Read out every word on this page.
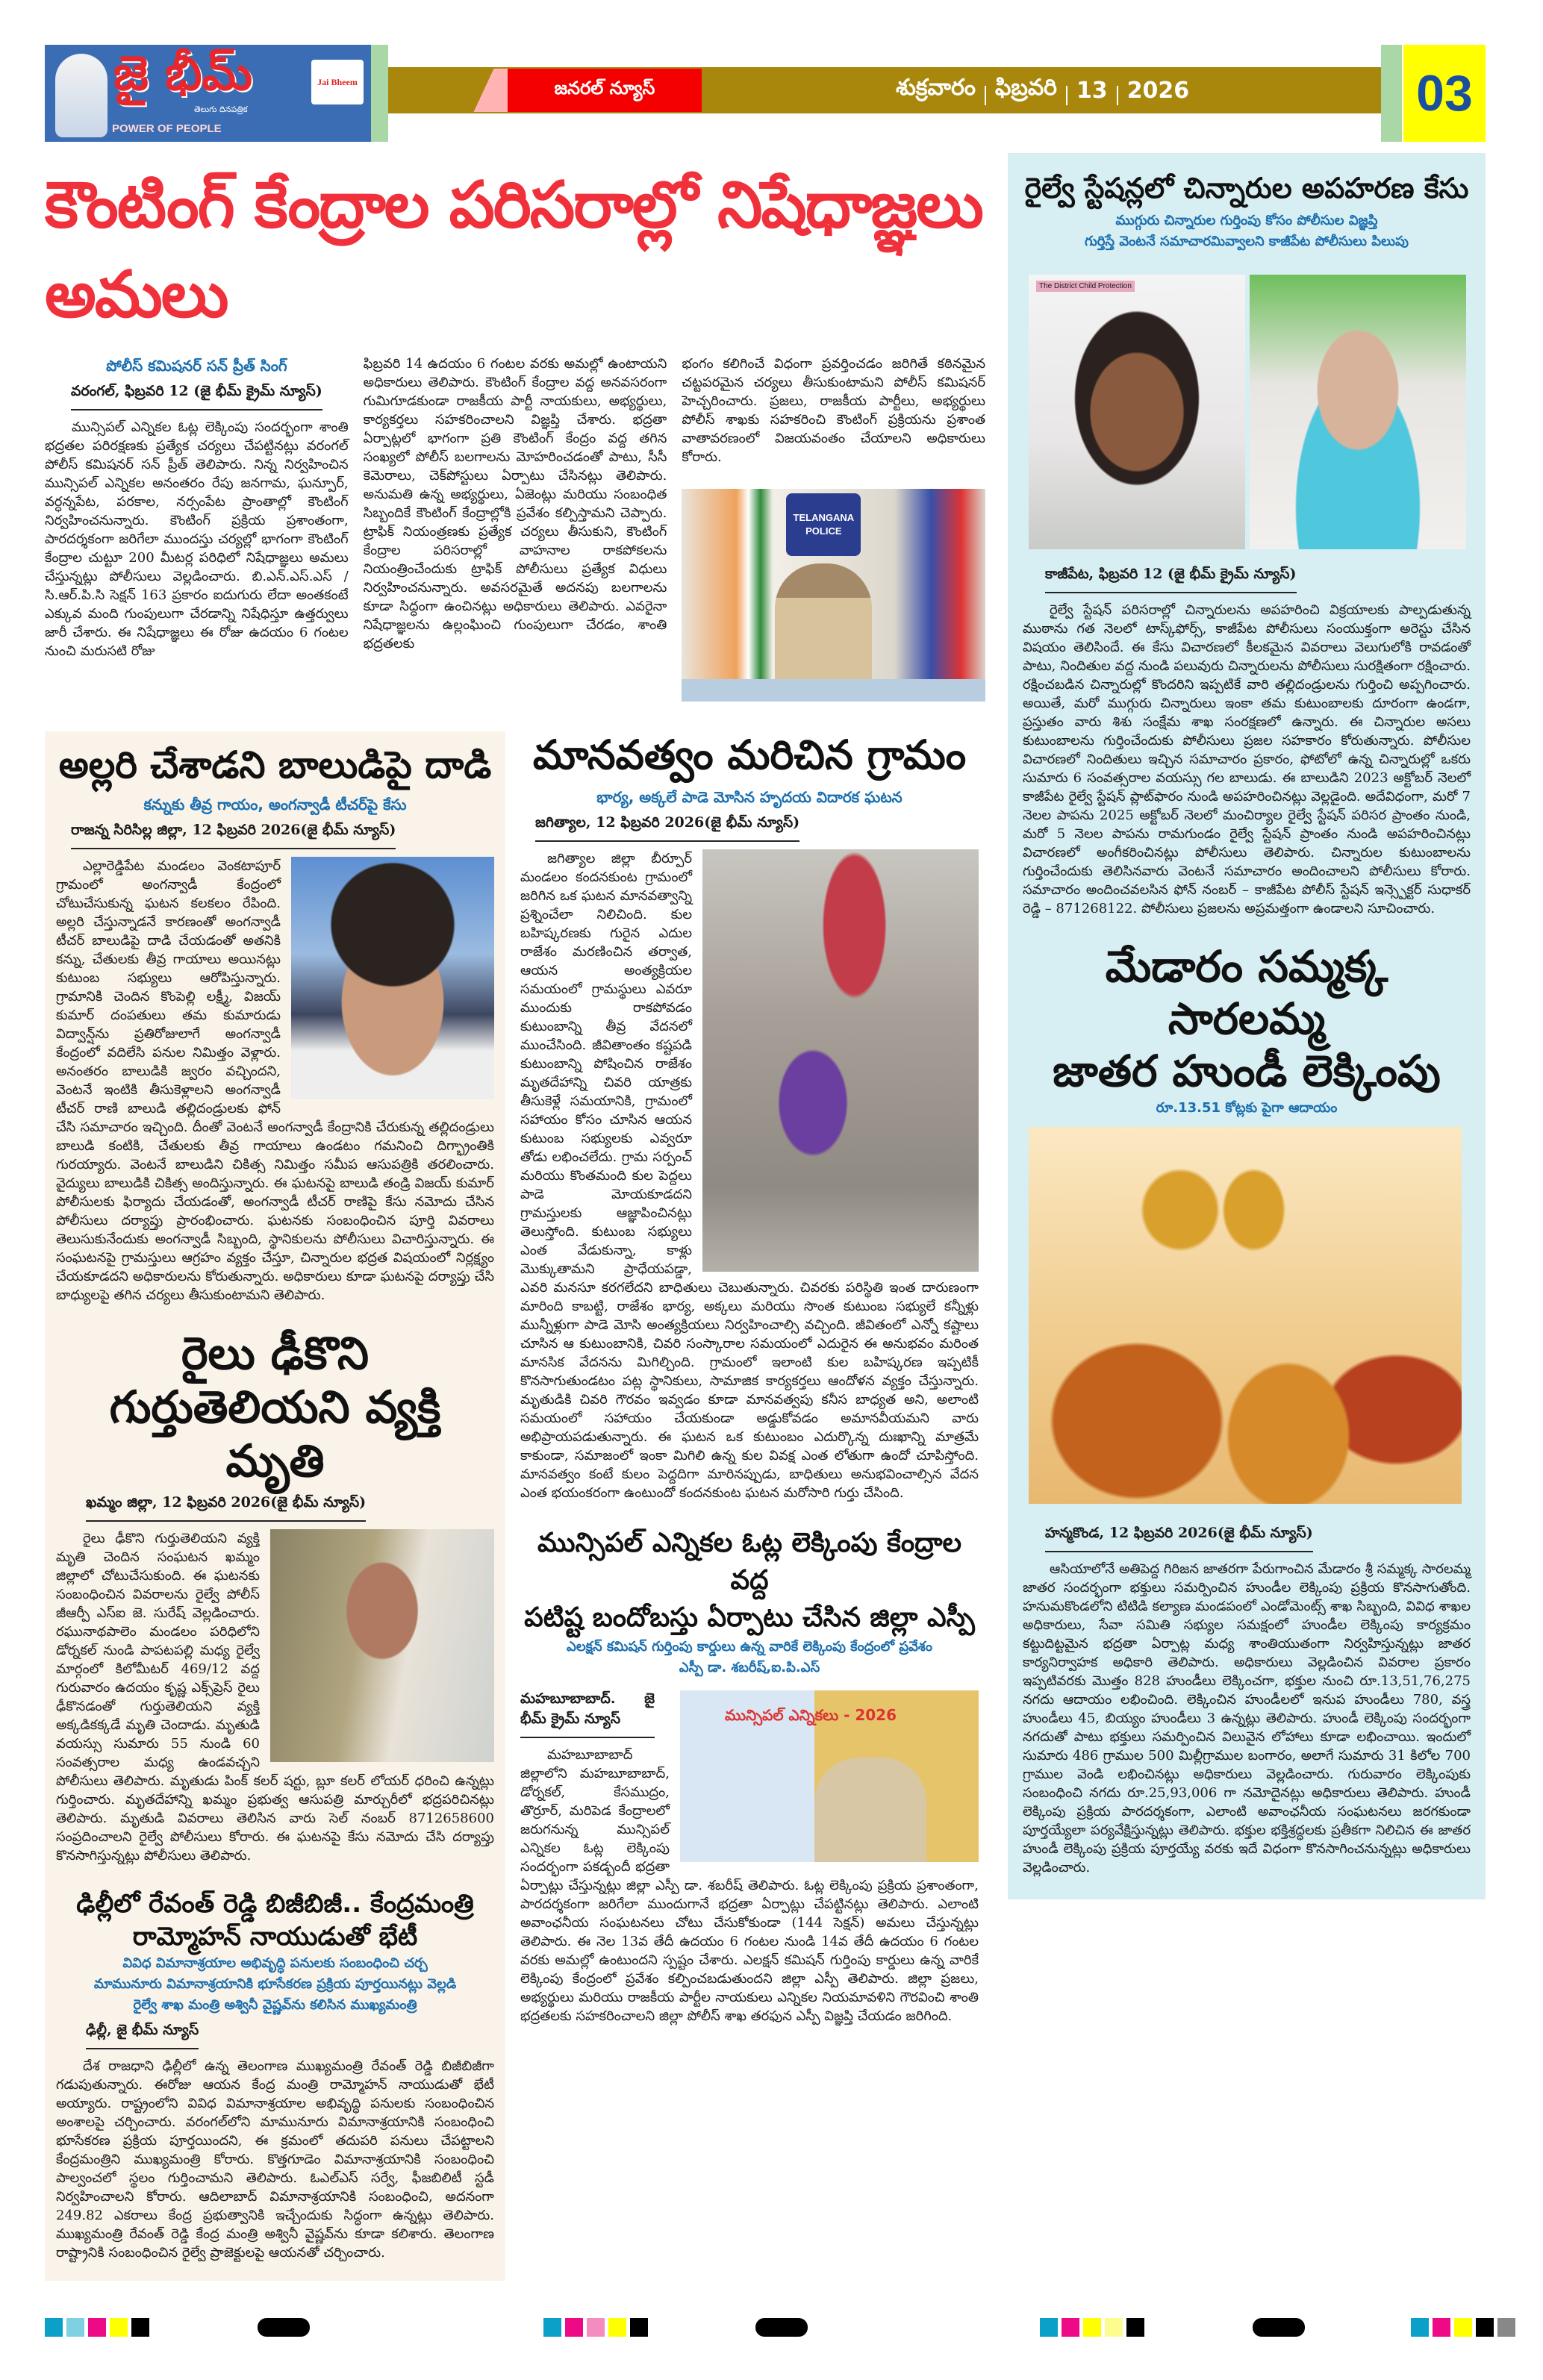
జై భీమ్
తెలుగు దినపత్రిక
POWER OF PEOPLE
Jai Bheem	జనరల్ న్యూస్	శుక్రవారం ఫిబ్రవరి 13 2026	03
కౌంటింగ్ కేంద్రాల పరిసరాల్లో నిషేధాజ్ఞలు అమలు
పోలీస్ కమిషనర్ సన్ ప్రీత్ సింగ్
వరంగల్, ఫిబ్రవరి 12 (జై భీమ్ క్రైమ్ న్యూస్)

మున్సిపల్ ఎన్నికల ఓట్ల లెక్కింపు సందర్భంగా శాంతి భద్రతల పరిరక్షణకు ప్రత్యేక చర్యలు చేపట్టినట్లు వరంగల్ పోలీస్ కమిషనర్ సన్ ప్రీత్ తెలిపారు. నిన్న నిర్వహించిన మున్సిపల్ ఎన్నికల అనంతరం రేపు జనగామ, ఘన్పూర్, వర్ధన్నపేట, పరకాల, నర్సంపేట ప్రాంతాల్లో కౌంటింగ్ నిర్వహించనున్నారు. కౌంటింగ్ ప్రక్రియ ప్రశాంతంగా, పారదర్శకంగా జరిగేలా ముందస్తు చర్యల్లో భాగంగా కౌంటింగ్ కేంద్రాల చుట్టూ 200 మీటర్ల పరిధిలో నిషేధాజ్ఞలు అమలు చేస్తున్నట్లు పోలీసులు వెల్లడించారు. బి.ఎన్.ఎస్.ఎస్ / సి.ఆర్.పి.సి సెక్షన్ 163 ప్రకారం ఐదుగురు లేదా అంతకంటే ఎక్కువ మంది గుంపులుగా చేరడాన్ని నిషేధిస్తూ ఉత్తర్వులు జారీ చేశారు. ఈ నిషేధాజ్ఞలు ఈ రోజు ఉదయం 6 గంటల నుంచి మరుసటి రోజు

ఫిబ్రవరి 14 ఉదయం 6 గంటల వరకు అమల్లో ఉంటాయని అధికారులు తెలిపారు. కౌంటింగ్ కేంద్రాల వద్ద అనవసరంగా గుమిగూడకుండా రాజకీయ పార్టీ నాయకులు, అభ్యర్థులు, కార్యకర్తలు సహకరించాలని విజ్ఞప్తి చేశారు. భద్రతా ఏర్పాట్లలో భాగంగా ప్రతి కౌంటింగ్ కేంద్రం వద్ద తగిన సంఖ్యలో పోలీస్ బలగాలను మోహరించడంతో పాటు, సీసీ కెమెరాలు, చెక్‌పోస్టులు ఏర్పాటు చేసినట్లు తెలిపారు. అనుమతి ఉన్న అభ్యర్థులు, ఏజెంట్లు మరియు సంబంధిత సిబ్బందికే కౌంటింగ్ కేంద్రాల్లోకి ప్రవేశం కల్పిస్తామని చెప్పారు. ట్రాఫిక్ నియంత్రణకు ప్రత్యేక చర్యలు తీసుకుని, కౌంటింగ్ కేంద్రాల పరిసరాల్లో వాహనాల రాకపోకలను నియంత్రించేందుకు ట్రాఫిక్ పోలీసులు ప్రత్యేక విధులు నిర్వహించనున్నారు. అవసరమైతే అదనపు బలగాలను కూడా సిద్ధంగా ఉంచినట్లు అధికారులు తెలిపారు. ఎవరైనా నిషేధాజ్ఞలను ఉల్లంఘించి గుంపులుగా చేరడం, శాంతి భద్రతలకు

భంగం కలిగించే విధంగా ప్రవర్తించడం జరిగితే కఠినమైన చట్టపరమైన చర్యలు తీసుకుంటామని పోలీస్ కమిషనర్ హెచ్చరించారు. ప్రజలు, రాజకీయ పార్టీలు, అభ్యర్థులు పోలీస్ శాఖకు సహకరించి కౌంటింగ్ ప్రక్రియను ప్రశాంత వాతావరణంలో విజయవంతం చేయాలని అధికారులు కోరారు.

TELANGANA POLICE
అల్లరి చేశాడని బాలుడిపై దాడి
కన్నుకు తీవ్ర గాయం, అంగన్వాడీ టీచర్‌పై కేసు
రాజన్న సిరిసిల్ల జిల్లా, 12 ఫిబ్రవరి 2026(జై భీమ్ న్యూస్)

ఎల్లారెడ్డిపేట మండలం వెంకటాపూర్ గ్రామంలో అంగన్వాడీ కేంద్రంలో చోటుచేసుకున్న ఘటన కలకలం రేపింది. అల్లరి చేస్తున్నాడనే కారణంతో అంగన్వాడీ టీచర్ బాలుడిపై దాడి చేయడంతో అతనికి కన్ను, చేతులకు తీవ్ర గాయాలు అయినట్లు కుటుంబ సభ్యులు ఆరోపిస్తున్నారు. గ్రామానికి చెందిన కొంపెల్లి లక్ష్మీ, విజయ్ కుమార్ దంపతులు తమ కుమారుడు విద్వాన్ష్‌ను ప్రతిరోజులాగే అంగన్వాడీ కేంద్రంలో వదిలేసి పనుల నిమిత్తం వెళ్లారు. అనంతరం బాలుడికి జ్వరం వచ్చిందని, వెంటనే ఇంటికి తీసుకెళ్లాలని అంగన్వాడీ టీచర్ రాణి బాలుడి తల్లిదండ్రులకు ఫోన్ చేసి సమాచారం ఇచ్చింది. దీంతో వెంటనే అంగన్వాడీ కేంద్రానికి చేరుకున్న తల్లిదండ్రులు బాలుడి కంటికి, చేతులకు తీవ్ర గాయాలు ఉండటం గమనించి దిగ్భ్రాంతికి గురయ్యారు. వెంటనే బాలుడిని చికిత్స నిమిత్తం సమీప ఆసుపత్రికి తరలించారు. వైద్యులు బాలుడికి చికిత్స అందిస్తున్నారు. ఈ ఘటనపై బాలుడి తండ్రి విజయ్ కుమార్ పోలీసులకు ఫిర్యాదు చేయడంతో, అంగన్వాడీ టీచర్ రాణిపై కేసు నమోదు చేసిన పోలీసులు దర్యాప్తు ప్రారంభించారు. ఘటనకు సంబంధించిన పూర్తి వివరాలు తెలుసుకునేందుకు అంగన్వాడీ సిబ్బంది, స్థానికులను పోలీసులు విచారిస్తున్నారు. ఈ సంఘటనపై గ్రామస్తులు ఆగ్రహం వ్యక్తం చేస్తూ, చిన్నారుల భద్రత విషయంలో నిర్లక్ష్యం చేయకూడదని అధికారులను కోరుతున్నారు. అధికారులు కూడా ఘటనపై దర్యాప్తు చేసి బాధ్యులపై తగిన చర్యలు తీసుకుంటామని తెలిపారు.

రైలు ఢీకొని
గుర్తుతెలియని వ్యక్తి మృతి
ఖమ్మం జిల్లా, 12 ఫిబ్రవరి 2026(జై భీమ్ న్యూస్)

రైలు ఢీకొని గుర్తుతెలియని వ్యక్తి మృతి చెందిన సంఘటన ఖమ్మం జిల్లాలో చోటుచేసుకుంది. ఈ ఘటనకు సంబంధించిన వివరాలను రైల్వే పోలీస్ జీఆర్పీ ఎస్ఐ జె. సురేష్ వెల్లడించారు. రఘునాథపాలెం మండలం పరిధిలోని డోర్నకల్ నుండి పాపటపల్లి మధ్య రైల్వే మార్గంలో కిలోమీటర్ 469/12 వద్ద గురువారం ఉదయం కృష్ణ ఎక్స్‌ప్రెస్ రైలు ఢీకొనడంతో గుర్తుతెలియని వ్యక్తి అక్కడికక్కడే మృతి చెందాడు. మృతుడి వయస్సు సుమారు 55 నుండి 60 సంవత్సరాల మధ్య ఉండవచ్చని పోలీసులు తెలిపారు. మృతుడు పింక్ కలర్ షర్టు, బ్లూ కలర్ లోయర్ ధరించి ఉన్నట్లు గుర్తించారు. మృతదేహాన్ని ఖమ్మం ప్రభుత్వ ఆసుపత్రి మార్చురీలో భద్రపరిచినట్లు తెలిపారు. మృతుడి వివరాలు తెలిసిన వారు సెల్ నంబర్ 8712658600 సంప్రదించాలని రైల్వే పోలీసులు కోరారు. ఈ ఘటనపై కేసు నమోదు చేసి దర్యాప్తు కొనసాగిస్తున్నట్లు పోలీసులు తెలిపారు.

ఢిల్లీలో రేవంత్ రెడ్డి బిజీబిజీ.. కేంద్రమంత్రి
రామ్మోహన్ నాయుడుతో భేటీ
వివిధ విమానాశ్రయాల అభివృద్ధి పనులకు సంబంధించి చర్చ
మామునూరు విమానాశ్రయానికి భూసేకరణ ప్రక్రియ పూర్తయినట్లు వెల్లడి
రైల్వే శాఖ మంత్రి అశ్వినీ వైష్ణవ్‌ను కలిసిన ముఖ్యమంత్రి
ఢిల్లీ, జై భీమ్ న్యూస్

దేశ రాజధాని ఢిల్లీలో ఉన్న తెలంగాణ ముఖ్యమంత్రి రేవంత్ రెడ్డి బిజీబిజీగా గడుపుతున్నారు. ఈరోజు ఆయన కేంద్ర మంత్రి రామ్మోహన్ నాయుడుతో భేటీ అయ్యారు. రాష్ట్రంలోని వివిధ విమానాశ్రయాల అభివృద్ధి పనులకు సంబంధించిన అంశాలపై చర్చించారు. వరంగల్‌లోని మామునూరు విమానాశ్రయానికి సంబంధించి భూసేకరణ ప్రక్రియ పూర్తయిందని, ఈ క్రమంలో తదుపరి పనులు చేపట్టాలని కేంద్రమంత్రిని ముఖ్యమంత్రి కోరారు. కొత్తగూడెం విమానాశ్రయానికి సంబంధించి పాల్వంచలో స్థలం గుర్తించామని తెలిపారు. ఓఎల్ఎస్ సర్వే, ఫీజబిలిటీ స్టడీ నిర్వహించాలని కోరారు. ఆదిలాబాద్ విమానాశ్రయానికి సంబంధించి, అదనంగా 249.82 ఎకరాలు కేంద్ర ప్రభుత్వానికి ఇచ్చేందుకు సిద్ధంగా ఉన్నట్లు తెలిపారు. ముఖ్యమంత్రి రేవంత్ రెడ్డి కేంద్ర మంత్రి అశ్వినీ వైష్ణవ్‌ను కూడా కలిశారు. తెలంగాణ రాష్ట్రానికి సంబంధించిన రైల్వే ప్రాజెక్టులపై ఆయనతో చర్చించారు.

మానవత్వం మరిచిన గ్రామం
భార్య, అక్కలే పాడె మోసిన హృదయ విదారక ఘటన
జగిత్యాల, 12 ఫిబ్రవరి 2026(జై భీమ్ న్యూస్)

జగిత్యాల జిల్లా బీర్పూర్ మండలం కందనకుంట గ్రామంలో జరిగిన ఒక ఘటన మానవత్వాన్ని ప్రశ్నించేలా నిలిచింది. కుల బహిష్కరణకు గురైన ఎదుల రాజేశం మరణించిన తర్వాత, ఆయన అంత్యక్రియల సమయంలో గ్రామస్థులు ఎవరూ ముందుకు రాకపోవడం కుటుంబాన్ని తీవ్ర వేదనలో ముంచేసింది. జీవితాంతం కష్టపడి కుటుంబాన్ని పోషించిన రాజేశం మృతదేహాన్ని చివరి యాత్రకు తీసుకెళ్లే సమయానికి, గ్రామంలో సహాయం కోసం చూసిన ఆయన కుటుంబ సభ్యులకు ఎవ్వరూ తోడు లభించలేదు. గ్రామ సర్పంచ్ మరియు కొంతమంది కుల పెద్దలు పాడె మోయకూడదని గ్రామస్తులకు ఆజ్ఞాపించినట్లు తెలుస్తోంది. కుటుంబ సభ్యులు ఎంత వేడుకున్నా, కాళ్లు మొక్కుతామని ప్రాధేయపడ్డా, ఎవరి మనసూ కరగలేదని బాధితులు చెబుతున్నారు. చివరకు పరిస్థితి ఇంత దారుణంగా మారింది కాబట్టి, రాజేశం భార్య, అక్కలు మరియు సొంత కుటుంబ సభ్యులే కన్నీళ్లు మున్నీళ్లుగా పాడె మోసి అంత్యక్రియలు నిర్వహించాల్సి వచ్చింది. జీవితంలో ఎన్నో కష్టాలు చూసిన ఆ కుటుంబానికి, చివరి సంస్కారాల సమయంలో ఎదురైన ఈ అనుభవం మరింత మానసిక వేదనను మిగిల్చింది. గ్రామంలో ఇలాంటి కుల బహిష్కరణ ఇప్పటికీ కొనసాగుతుండటం పట్ల స్థానికులు, సామాజిక కార్యకర్తలు ఆందోళన వ్యక్తం చేస్తున్నారు. మృతుడికి చివరి గౌరవం ఇవ్వడం కూడా మానవత్వపు కనీస బాధ్యత అని, అలాంటి సమయంలో సహాయం చేయకుండా అడ్డుకోవడం అమానవీయమని వారు అభిప్రాయపడుతున్నారు. ఈ ఘటన ఒక కుటుంబం ఎదుర్కొన్న దుఃఖాన్ని మాత్రమే కాకుండా, సమాజంలో ఇంకా మిగిలి ఉన్న కుల వివక్ష ఎంత లోతుగా ఉందో చూపిస్తోంది. మానవత్వం కంటే కులం పెద్దదిగా మారినప్పుడు, బాధితులు అనుభవించాల్సిన వేదన ఎంత భయంకరంగా ఉంటుందో కందనకుంట ఘటన మరోసారి గుర్తు చేసింది.

మున్సిపల్ ఎన్నికల ఓట్ల లెక్కింపు కేంద్రాల వద్ద
పటిష్ట బందోబస్తు ఏర్పాటు చేసిన జిల్లా ఎస్పీ
ఎలక్షన్ కమిషన్ గుర్తింపు కార్డులు ఉన్న వారికే లెక్కింపు కేంద్రంలో ప్రవేశం
ఎస్పీ డా. శబరీష్,ఐ.పి.ఎస్
మున్సిపల్ ఎన్నికలు - 2026
మహబూబాబాద్. జై భీమ్ క్రైమ్ న్యూస్

మహబూబాబాద్ జిల్లాలోని మహబూబాబాద్, డోర్నకల్, కేసముద్రం, తొర్రూర్, మరిపెడ కేంద్రాలలో జరుగనున్న మున్సిపల్ ఎన్నికల ఓట్ల లెక్కింపు సందర్భంగా పకడ్బందీ భద్రతా ఏర్పాట్లు చేస్తున్నట్లు జిల్లా ఎస్పీ డా. శబరీష్ తెలిపారు. ఓట్ల లెక్కింపు ప్రక్రియ ప్రశాంతంగా, పారదర్శకంగా జరిగేలా ముందుగానే భద్రతా ఏర్పాట్లు చేపట్టినట్లు తెలిపారు. ఎలాంటి అవాంఛనీయ సంఘటనలు చోటు చేసుకోకుండా (144 సెక్షన్) అమలు చేస్తున్నట్లు తెలిపారు. ఈ నెల 13వ తేదీ ఉదయం 6 గంటల నుండి 14వ తేదీ ఉదయం 6 గంటల వరకు అమల్లో ఉంటుందని స్పష్టం చేశారు. ఎలక్షన్ కమిషన్ గుర్తింపు కార్డులు ఉన్న వారికే లెక్కింపు కేంద్రంలో ప్రవేశం కల్పించబడుతుందని జిల్లా ఎస్పీ తెలిపారు. జిల్లా ప్రజలు, అభ్యర్థులు మరియు రాజకీయ పార్టీల నాయకులు ఎన్నికల నియమావళిని గౌరవించి శాంతి భద్రతలకు సహకరించాలని జిల్లా పోలీస్ శాఖ తరఫున ఎస్పీ విజ్ఞప్తి చేయడం జరిగింది.

రైల్వే స్టేషన్లలో చిన్నారుల అపహరణ కేసు
ముగ్గురు చిన్నారుల గుర్తింపు కోసం పోలీసుల విజ్ఞప్తి
గుర్తిస్తే వెంటనే సమాచారమివ్వాలని కాజీపేట పోలీసులు పిలుపు
The District Child Protection
కాజీపేట, ఫిబ్రవరి 12 (జై భీమ్ క్రైమ్ న్యూస్)

రైల్వే స్టేషన్ పరిసరాల్లో చిన్నారులను అపహరించి విక్రయాలకు పాల్పడుతున్న ముఠాను గత నెలలో టాస్క్‌ఫోర్స్, కాజీపేట పోలీసులు సంయుక్తంగా అరెస్టు చేసిన విషయం తెలిసిందే. ఈ కేసు విచారణలో కీలకమైన వివరాలు వెలుగులోకి రావడంతో పాటు, నిందితుల వద్ద నుండి పలువురు చిన్నారులను పోలీసులు సురక్షితంగా రక్షించారు. రక్షించబడిన చిన్నారుల్లో కొందరిని ఇప్పటికే వారి తల్లిదండ్రులను గుర్తించి అప్పగించారు. అయితే, మరో ముగ్గురు చిన్నారులు ఇంకా తమ కుటుంబాలకు దూరంగా ఉండగా, ప్రస్తుతం వారు శిశు సంక్షేమ శాఖ సంరక్షణలో ఉన్నారు. ఈ చిన్నారుల అసలు కుటుంబాలను గుర్తించేందుకు పోలీసులు ప్రజల సహకారం కోరుతున్నారు. పోలీసుల విచారణలో నిందితులు ఇచ్చిన సమాచారం ప్రకారం, ఫోటోలో ఉన్న చిన్నారుల్లో ఒకరు సుమారు 6 సంవత్సరాల వయస్సు గల బాలుడు. ఈ బాలుడిని 2023 అక్టోబర్ నెలలో కాజీపేట రైల్వే స్టేషన్ ప్లాట్‌ఫారం నుండి అపహరించినట్లు వెల్లడైంది. అదేవిధంగా, మరో 7 నెలల పాపను 2025 అక్టోబర్ నెలలో మంచిర్యాల రైల్వే స్టేషన్ పరిసర ప్రాంతం నుండి, మరో 5 నెలల పాపను రామగుండం రైల్వే స్టేషన్ ప్రాంతం నుండి అపహరించినట్లు విచారణలో అంగీకరించినట్లు పోలీసులు తెలిపారు. చిన్నారుల కుటుంబాలను గుర్తించేందుకు తెలిసినవారు వెంటనే సమాచారం అందించాలని పోలీసులు కోరారు. సమాచారం అందించవలసిన ఫోన్ నంబర్ – కాజీపేట పోలీస్ స్టేషన్ ఇన్స్పెక్టర్ సుధాకర్ రెడ్డి – 871268122. పోలీసులు ప్రజలను అప్రమత్తంగా ఉండాలని సూచించారు.

మేడారం సమ్మక్క సారలమ్మ
జాతర హుండీ లెక్కింపు
రూ.13.51 కోట్లకు పైగా ఆదాయం
హన్మకొండ, 12 ఫిబ్రవరి 2026(జై భీమ్ న్యూస్)

ఆసియాలోనే అతిపెద్ద గిరిజన జాతరగా పేరుగాంచిన మేడారం శ్రీ సమ్మక్క సారలమ్మ జాతర సందర్భంగా భక్తులు సమర్పించిన హుండీల లెక్కింపు ప్రక్రియ కొనసాగుతోంది. హనుమకొండలోని టిటిడి కల్యాణ మండపంలో ఎండోమెంట్స్ శాఖ సిబ్బంది, వివిధ శాఖల అధికారులు, సేవా సమితి సభ్యుల సమక్షంలో హుండీల లెక్కింపు కార్యక్రమం కట్టుదిట్టమైన భద్రతా ఏర్పాట్ల మధ్య శాంతియుతంగా నిర్వహిస్తున్నట్లు జాతర కార్యనిర్వాహక అధికారి తెలిపారు. అధికారులు వెల్లడించిన వివరాల ప్రకారం ఇప్పటివరకు మొత్తం 828 హుండీలు లెక్కించగా, భక్తుల నుంచి రూ.13,51,76,275 నగదు ఆదాయం లభించింది. లెక్కించిన హుండీలలో ఇనుప హుండీలు 780, వస్త్ర హుండీలు 45, బియ్యం హుండీలు 3 ఉన్నట్లు తెలిపారు. హుండీ లెక్కింపు సందర్భంగా నగదుతో పాటు భక్తులు సమర్పించిన విలువైన లోహాలు కూడా లభించాయి. ఇందులో సుమారు 486 గ్రాముల 500 మిల్లీగ్రాముల బంగారం, అలాగే సుమారు 31 కిలోల 700 గ్రాముల వెండి లభించినట్లు అధికారులు వెల్లడించారు. గురువారం లెక్కింపుకు సంబంధించి నగదు రూ.25,93,006 గా నమోదైనట్లు అధికారులు తెలిపారు. హుండీ లెక్కింపు ప్రక్రియ పారదర్శకంగా, ఎలాంటి అవాంఛనీయ సంఘటనలు జరగకుండా పూర్తయ్యేలా పర్యవేక్షిస్తున్నట్లు తెలిపారు. భక్తుల భక్తిశ్రద్ధలకు ప్రతీకగా నిలిచిన ఈ జాతర హుండీ లెక్కింపు ప్రక్రియ పూర్తయ్యే వరకు ఇదే విధంగా కొనసాగించనున్నట్లు అధికారులు వెల్లడించారు.
